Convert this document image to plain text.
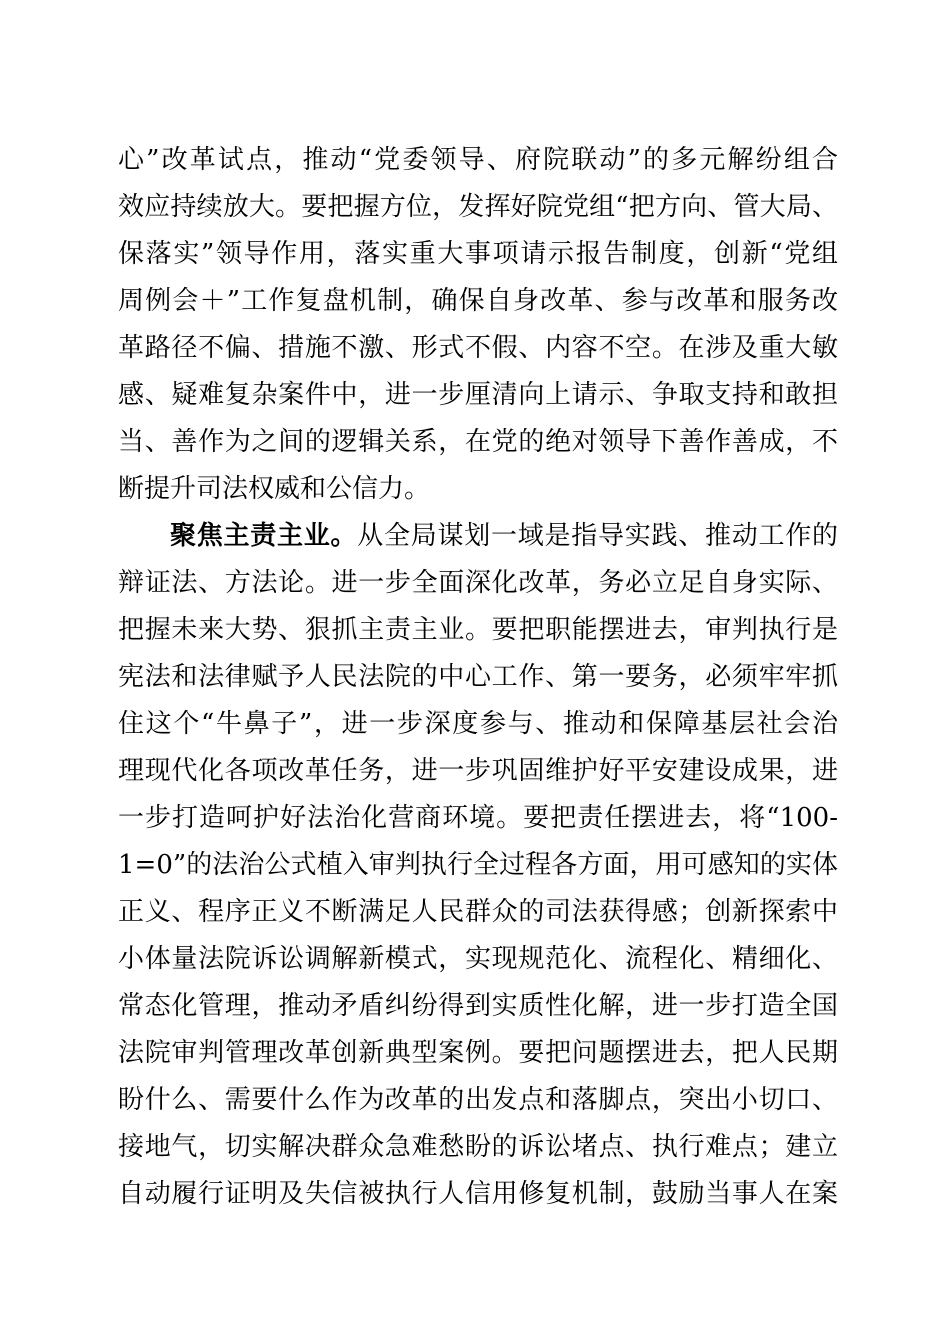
心”改革试点，推动“党委领导、府院联动”的多元解纷组合
效应持续放大。要把握方位，发挥好院党组“把方向、管大局、
保落实”领导作用，落实重大事项请示报告制度，创新“党组
周例会＋”工作复盘机制，确保自身改革、参与改革和服务改
革路径不偏、措施不激、形式不假、内容不空。在涉及重大敏
感、疑难复杂案件中，进一步厘清向上请示、争取支持和敢担
当、善作为之间的逻辑关系，在党的绝对领导下善作善成，不
断提升司法权威和公信力。
聚焦主责主业。从全局谋划一域是指导实践、推动工作的
辩证法、方法论。进一步全面深化改革，务必立足自身实际、
把握未来大势、狠抓主责主业。要把职能摆进去，审判执行是
宪法和法律赋予人民法院的中心工作、第一要务，必须牢牢抓
住这个“牛鼻子”，进一步深度参与、推动和保障基层社会治
理现代化各项改革任务，进一步巩固维护好平安建设成果，进
一步打造呵护好法治化营商环境。要把责任摆进去，将“100-
1=0”的法治公式植入审判执行全过程各方面，用可感知的实体
正义、程序正义不断满足人民群众的司法获得感；创新探索中
小体量法院诉讼调解新模式，实现规范化、流程化、精细化、
常态化管理，推动矛盾纠纷得到实质性化解，进一步打造全国
法院审判管理改革创新典型案例。要把问题摆进去，把人民期
盼什么、需要什么作为改革的出发点和落脚点，突出小切口、
接地气，切实解决群众急难愁盼的诉讼堵点、执行难点；建立
自动履行证明及失信被执行人信用修复机制，鼓励当事人在案
